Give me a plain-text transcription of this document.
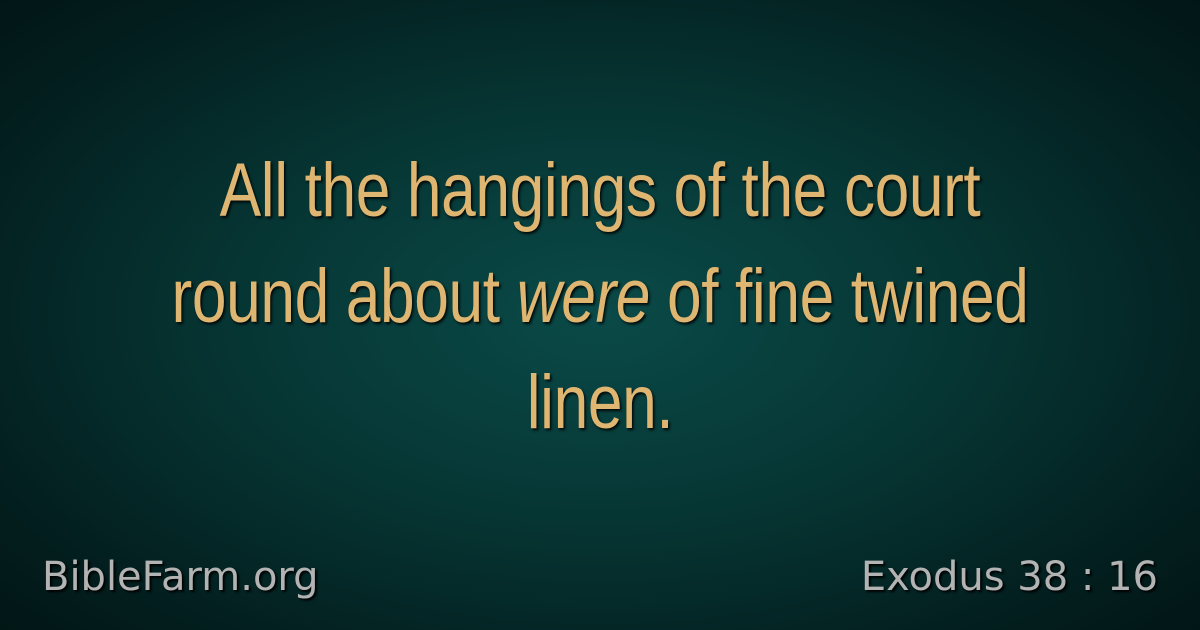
All the hangings of the court
round about were of fine twined
linen.

BibleFarm.org	Exodus 38 : 16
